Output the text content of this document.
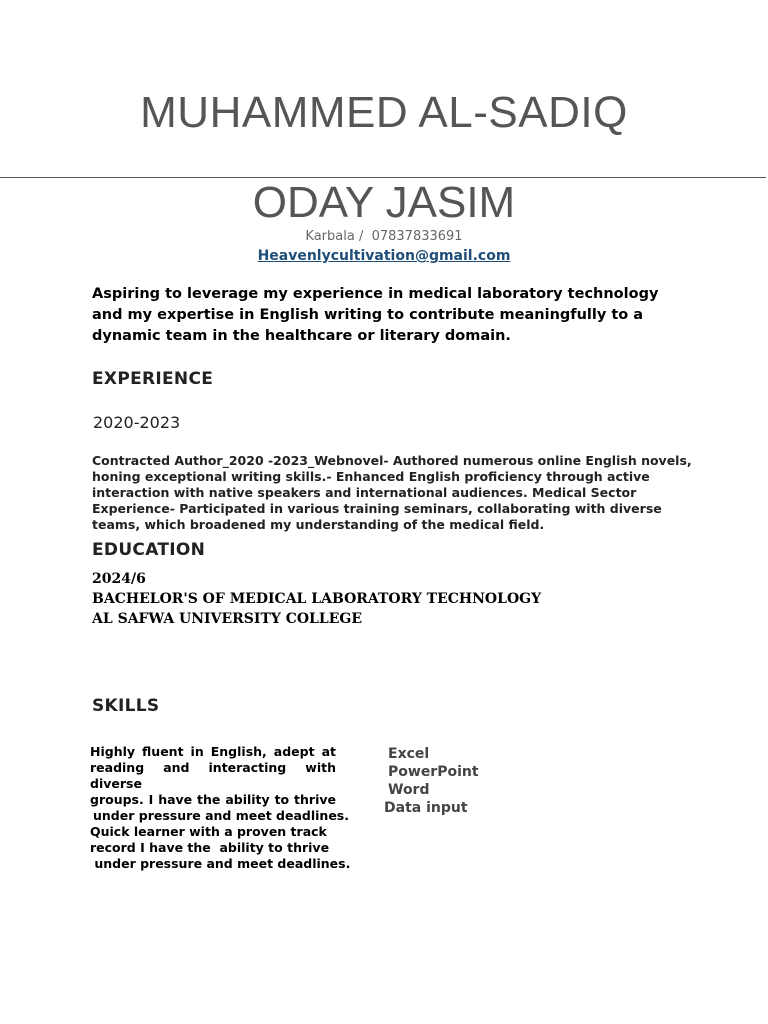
MUHAMMED AL-SADIQ
ODAY JASIM
Karbala / 07837833691
Heavenlycultivation@gmail.com
Aspiring to leverage my experience in medical laboratory technology and my expertise in English writing to contribute meaningfully to a dynamic team in the healthcare or literary domain.
EXPERIENCE
2020-2023
Contracted Author_2020 -2023_Webnovel- Authored numerous online English novels, honing exceptional writing skills.- Enhanced English proficiency through active interaction with native speakers and international audiences. Medical Sector Experience- Participated in various training seminars, collaborating with diverse teams, which broadened my understanding of the medical field.
EDUCATION
2024/6
BACHELOR'S OF MEDICAL LABORATORY TECHNOLOGY
AL SAFWA UNIVERSITY COLLEGE
SKILLS
Highly fluent in English, adept at
reading and interacting with diverse
groups. I have the ability to thrive
under pressure and meet deadlines.
Quick learner with a proven track
record I have the  ability to thrive
under pressure and meet deadlines.
Excel
PowerPoint
Word
Data input
